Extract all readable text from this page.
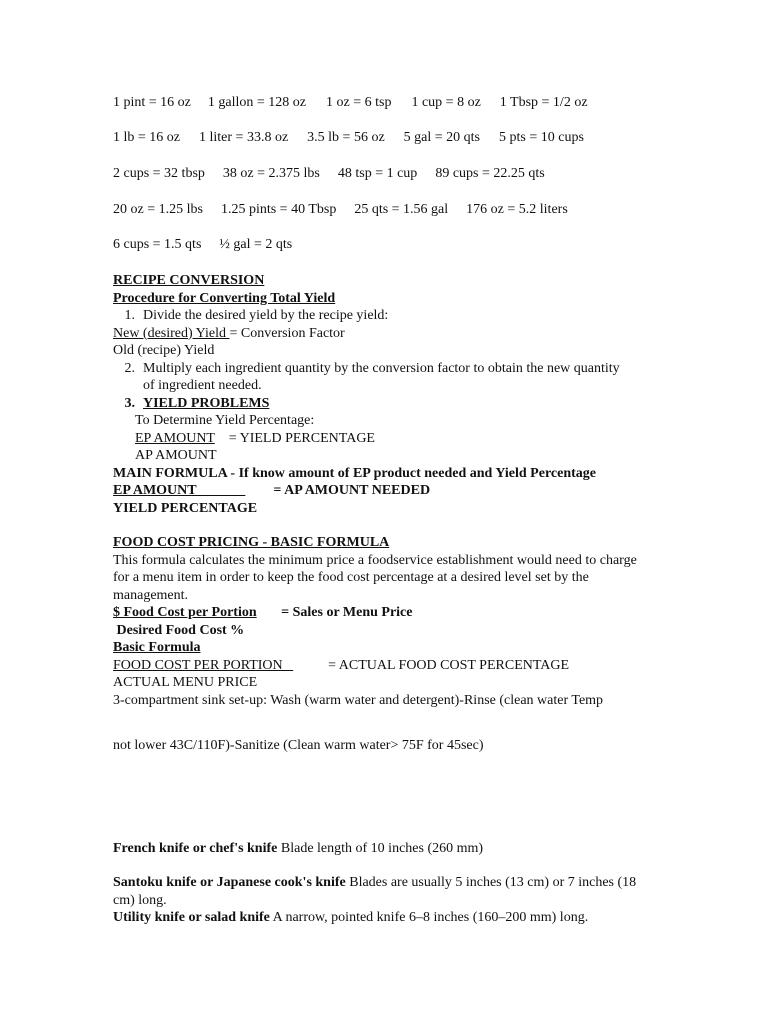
1 pint = 16 oz 1 gallon = 128 oz 1 oz = 6 tsp 1 cup = 8 oz 1 Tbsp = 1/2 oz
1 lb = 16 oz 1 liter = 33.8 oz 3.5 lb = 56 oz 5 gal = 20 qts 5 pts = 10 cups
2 cups = 32 tbsp 38 oz = 2.375 lbs 48 tsp = 1 cup 89 cups = 22.25 qts
20 oz = 1.25 lbs 1.25 pints = 40 Tbsp 25 qts = 1.56 gal 176 oz = 5.2 liters
6 cups = 1.5 qts ½ gal = 2 qts

RECIPE CONVERSION

Procedure for Converting Total Yield

1. Divide the desired yield by the recipe yield:

New (desired) Yield = Conversion Factor

Old (recipe) Yield

2. Multiply each ingredient quantity by the conversion factor to obtain the new quantity of ingredient needed.
3. YIELD PROBLEMS

To Determine Yield Percentage:

EP AMOUNT    = YIELD PERCENTAGE

AP AMOUNT

MAIN FORMULA - If know amount of EP product needed and Yield Percentage

EP AMOUNT                      = AP AMOUNT NEEDED

YIELD PERCENTAGE

FOOD COST PRICING - BASIC FORMULA

This formula calculates the minimum price a foodservice establishment would need to charge for a menu item in order to keep the food cost percentage at a desired level set by the management.

$ Food Cost per Portion       = Sales or Menu Price

Desired Food Cost %

Basic Formula

FOOD COST PER PORTION             = ACTUAL FOOD COST PERCENTAGE

ACTUAL MENU PRICE

3-compartment sink set-up: Wash (warm water and detergent)-Rinse (clean water Temp

not lower 43C/110F)-Sanitize (Clean warm water> 75F for 45sec)
French knife or chef's knife Blade length of 10 inches (260 mm)

Santoku knife or Japanese cook's knife Blades are usually 5 inches (13 cm) or 7 inches (18 cm) long.

Utility knife or salad knife A narrow, pointed knife 6–8 inches (160–200 mm) long.
